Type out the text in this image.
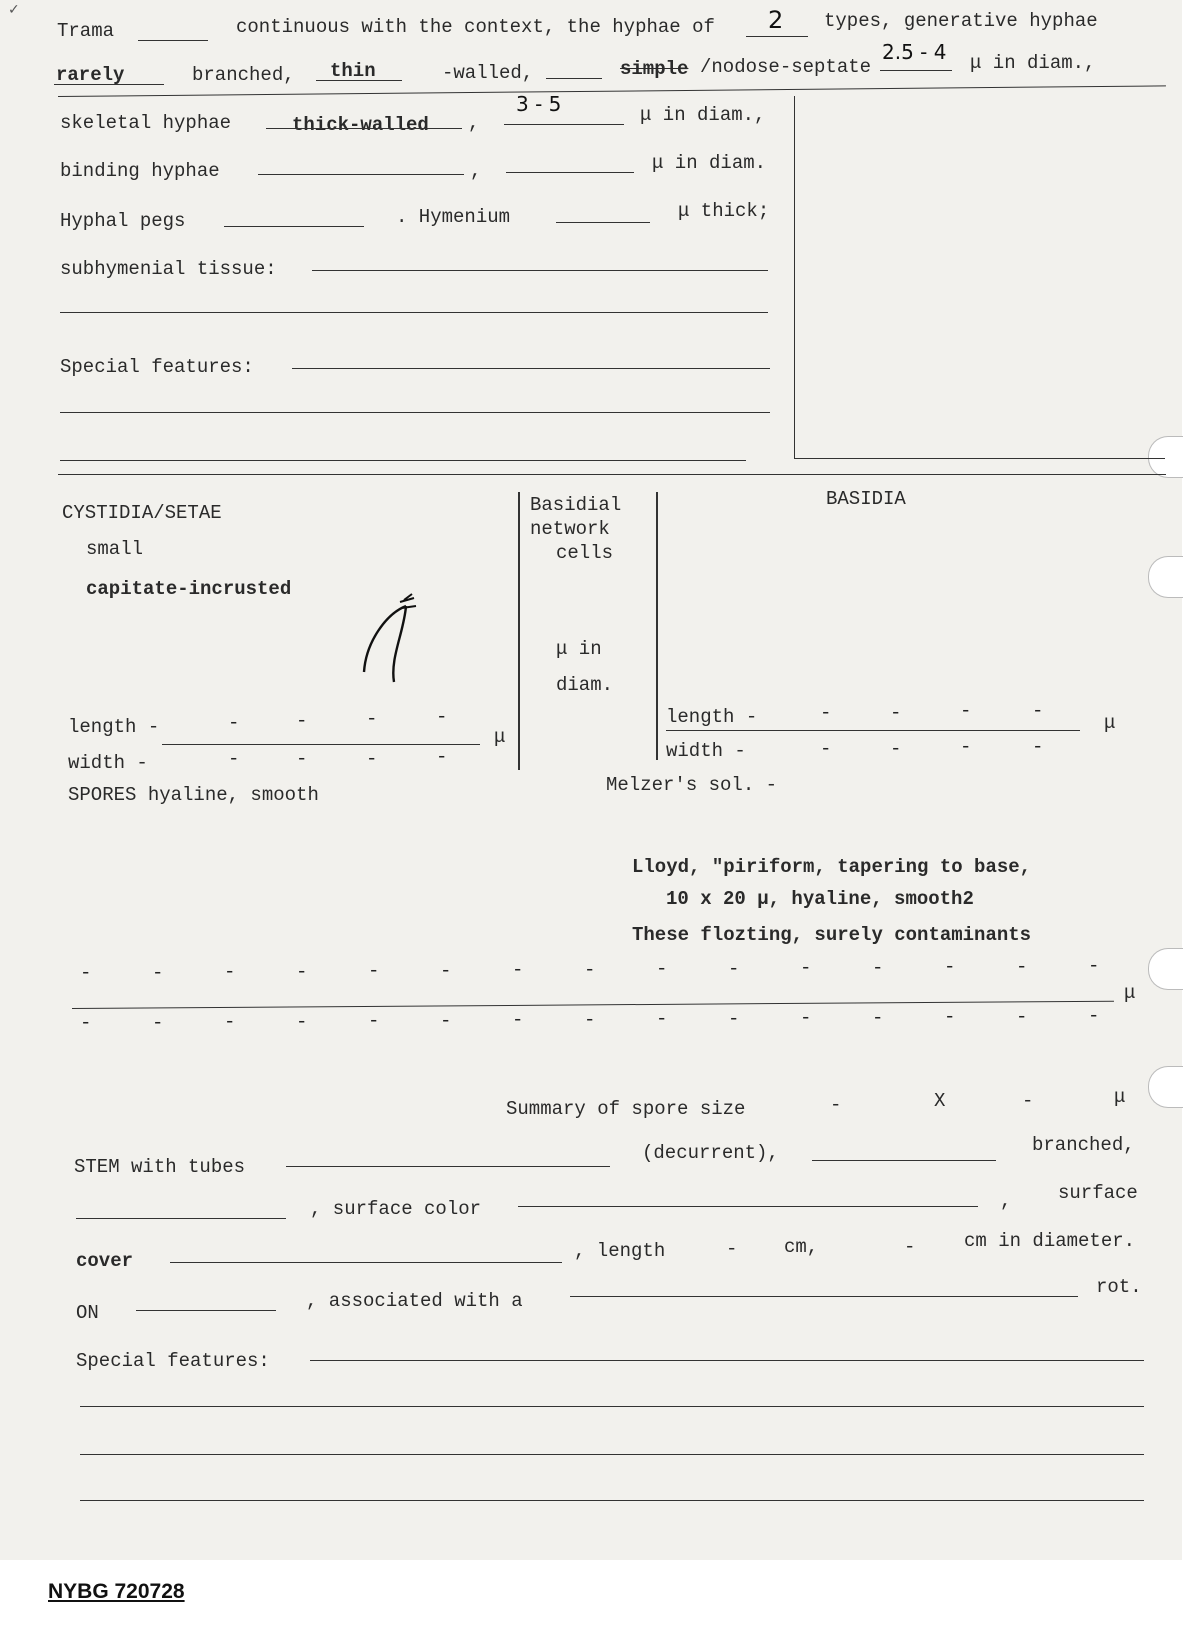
✓
Trama	continuous with the context, the hyphae of 2 types, generative hyphae
rarely	branched, thin	-walled,	simple /nodose-septate
2.5 - 4 μ in diam.,
skeletal hyphae	thick-walled ,
3 - 5	μ in diam.,
binding hyphae	,	μ in diam.
Hyphal pegs	. Hymenium	μ thick;
subhymenial tissue:
Special features:
CYSTIDIA/SETAE
small
capitate-incrusted
length -	-	-	-	-
μ
width -	-	-	-	-
Basidial
network
cells
μ in
diam.
BASIDIA
length -	-	-	-	-
μ
width -	-	-	-	-
SPORES hyaline, smooth	Melzer's sol. -
Lloyd, "piriform, tapering to base,
10 x 20 μ, hyaline, smooth2
These flozting, surely contaminants
μ
Summary of spore size	-	X	-	μ
STEM with tubes
(decurrent),	branched,
, surface color	, surface
cover	, length	- cm,	-	cm in diameter.
ON
, associated with a
rot.
Special features:
NYBG 720728
-	-	-	-	-	-	-	-	-	-	-	-	-	-	-
-	-	-	-	-	-	-	-	-	-	-	-	-	-	-
